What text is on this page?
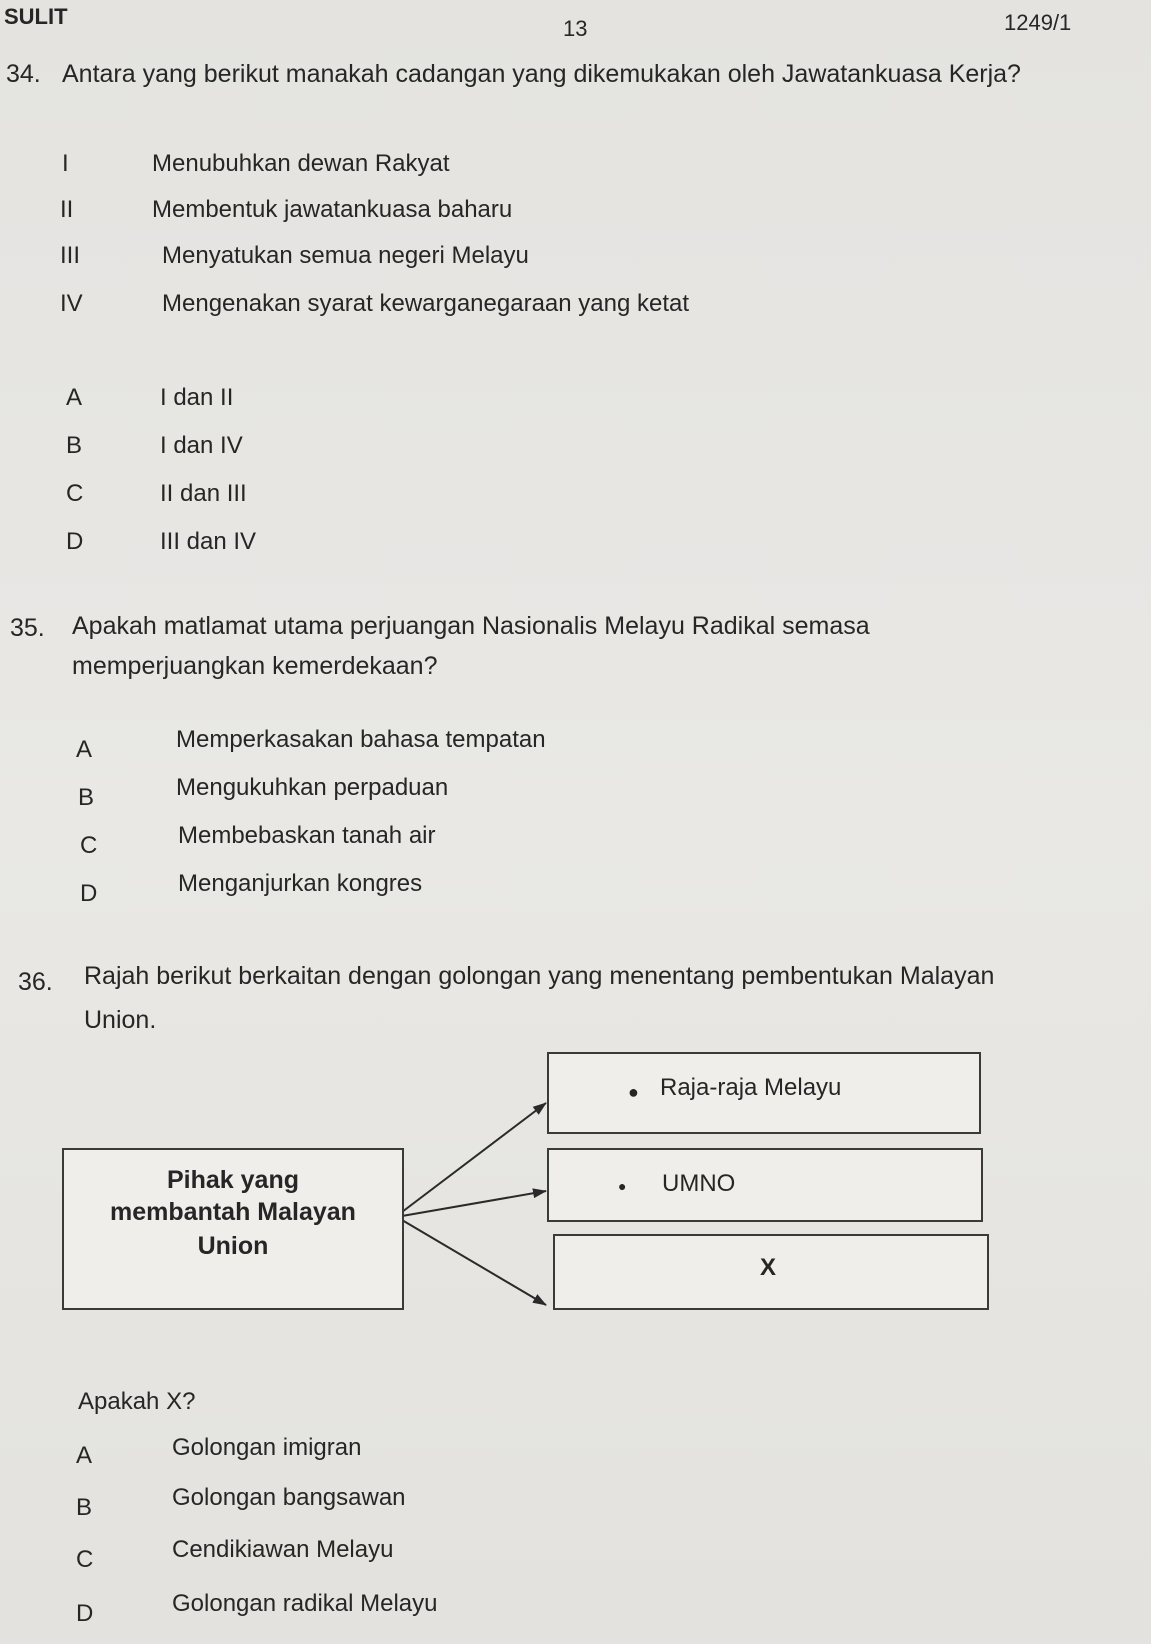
SULIT	13	1249/1
34. Antara yang berikut manakah cadangan yang dikemukakan oleh Jawatankuasa Kerja?
I	Menubuhkan dewan Rakyat
II	Membentuk jawatankuasa baharu
III	Menyatukan semua negeri Melayu
IV	Mengenakan syarat kewarganegaraan yang ketat
A	I dan II
B	I dan IV
C	II dan III
D	III dan IV
35. Apakah matlamat utama perjuangan Nasionalis Melayu Radikal semasa
memperjuangkan kemerdekaan?
A	Memperkasakan bahasa tempatan
B	Mengukuhkan perpaduan
C	Membebaskan tanah air
D	Menganjurkan kongres
36. Rajah berikut berkaitan dengan golongan yang menentang pembentukan Malayan
Union.
Pihak yang
membantah Malayan
Union
● Raja-raja Melayu
● UMNO
X
Apakah X?
A	Golongan imigran
B	Golongan bangsawan
C	Cendikiawan Melayu
D	Golongan radikal Melayu
